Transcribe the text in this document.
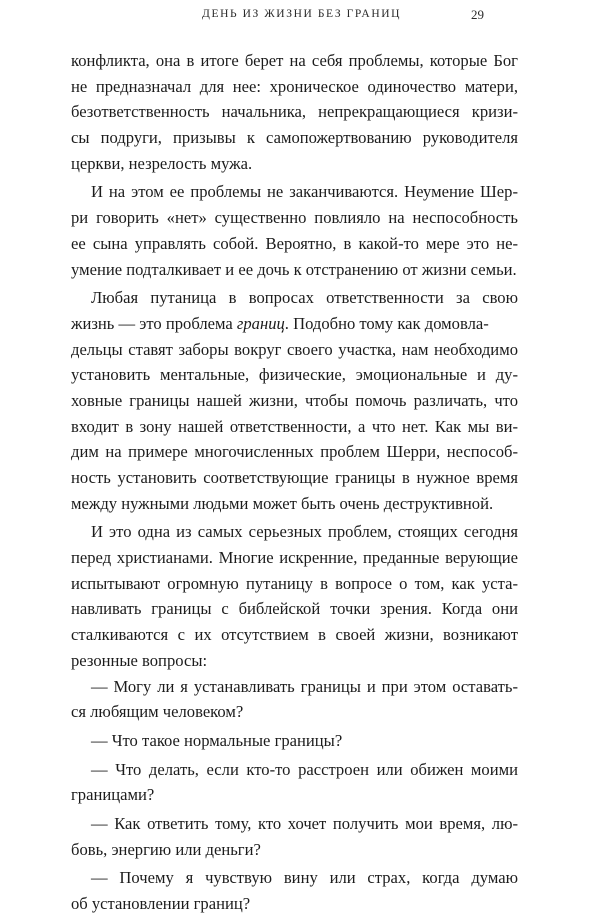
ДЕНЬ ИЗ ЖИЗНИ БЕЗ ГРАНИЦ	29
конфликта, она в итоге берет на себя проблемы, которые Бог
не предназначал для нее: хроническое одиночество матери,
безответственность начальника, непрекращающиеся кризи-
сы подруги, призывы к самопожертвованию руководителя
церкви, незрелость мужа.
И на этом ее проблемы не заканчиваются. Неумение Шер-
ри говорить «нет» существенно повлияло на неспособность
ее сына управлять собой. Вероятно, в какой-то мере это не-
умение подталкивает и ее дочь к отстранению от жизни семьи.
Любая путаница в вопросах ответственности за свою
жизнь — это проблема границ. Подобно тому как домовла-
дельцы ставят заборы вокруг своего участка, нам необходимо
установить ментальные, физические, эмоциональные и ду-
ховные границы нашей жизни, чтобы помочь различать, что
входит в зону нашей ответственности, а что нет. Как мы ви-
дим на примере многочисленных проблем Шерри, неспособ-
ность установить соответствующие границы в нужное время
между нужными людьми может быть очень деструктивной.
И это одна из самых серьезных проблем, стоящих сегодня
перед христианами. Многие искренние, преданные верующие
испытывают огромную путаницу в вопросе о том, как уста-
навливать границы с библейской точки зрения. Когда они
сталкиваются с их отсутствием в своей жизни, возникают
резонные вопросы:
— Могу ли я устанавливать границы и при этом оставать-
ся любящим человеком?
— Что такое нормальные границы?
— Что делать, если кто-то расстроен или обижен моими
границами?
— Как ответить тому, кто хочет получить мои время, лю-
бовь, энергию или деньги?
— Почему я чувствую вину или страх, когда думаю
об установлении границ?
